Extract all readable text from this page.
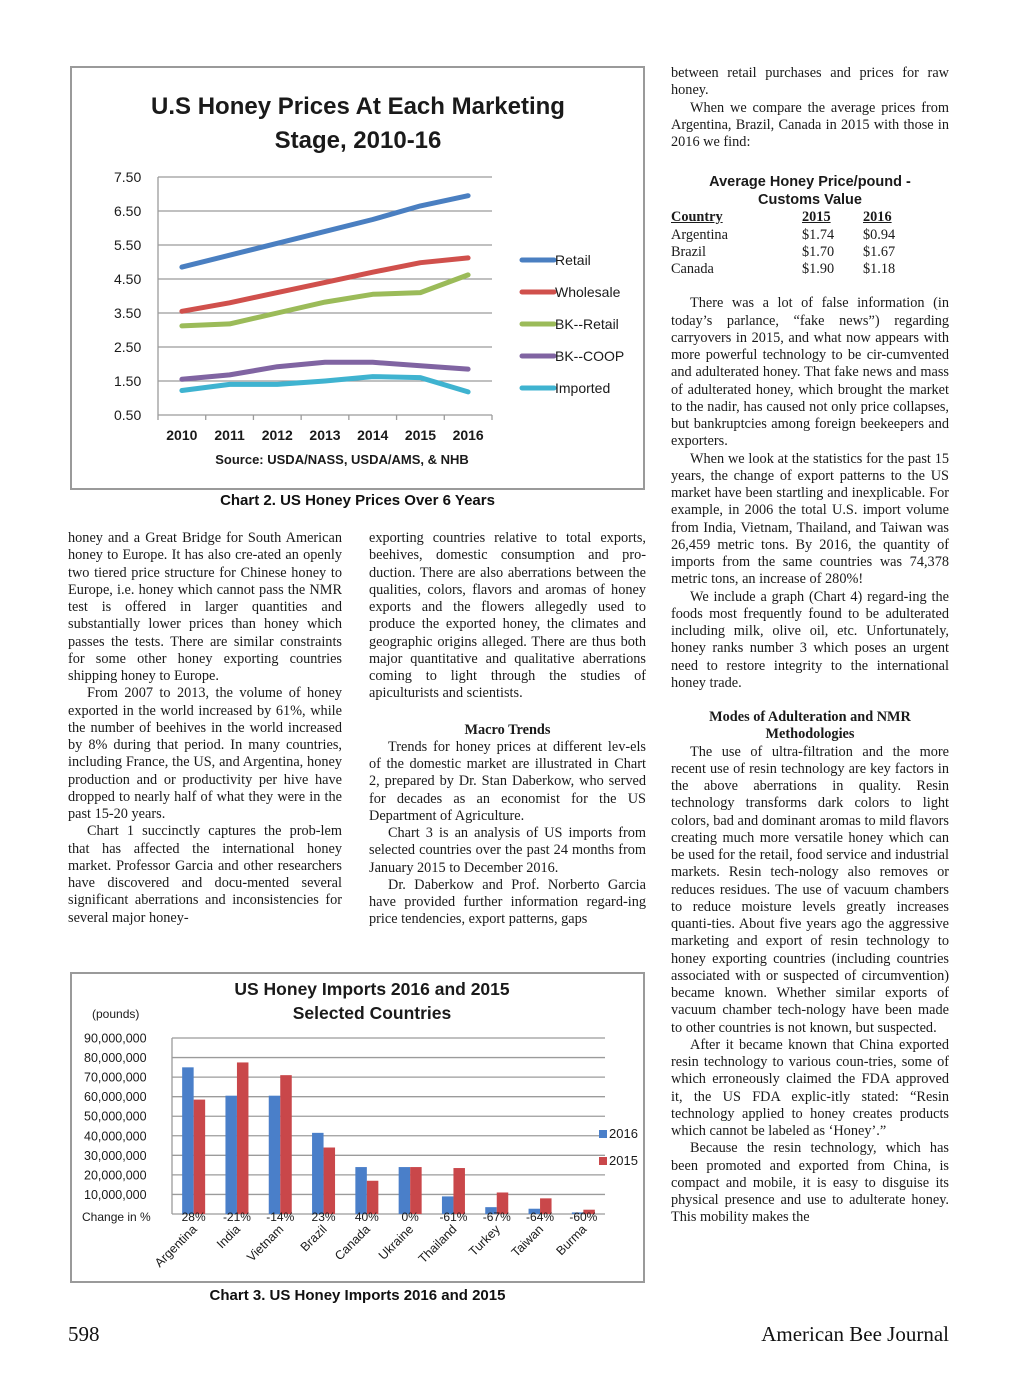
U.S Honey Prices At Each Marketing
Stage, 2010-16
7.50
6.50
5.50
4.50
3.50
2.50
1.50
0.50
2010 2011 2012 2013 2014 2015 2016
Retail
Wholesale
BK--Retail
BK--COOP
Imported
Source: USDA/NASS, USDA/AMS, & NHB
Chart 2. US Honey Prices Over 6 Years

honey and a Great Bridge for South American honey to Europe. It has also cre-ated an openly two tiered price structure for Chinese honey to Europe, i.e. honey which cannot pass the NMR test is offered in larger quantities and substantially lower prices than honey which passes the tests. There are similar constraints for some other honey exporting countries shipping honey to Europe.

From 2007 to 2013, the volume of honey exported in the world increased by 61%, while the number of beehives in the world increased by 8% during that period. In many countries, including France, the US, and Argentina, honey production and or productivity per hive have dropped to nearly half of what they were in the past 15-20 years.

Chart 1 succinctly captures the prob-lem that has affected the international honey market. Professor Garcia and other researchers have discovered and docu-mented several significant aberrations and inconsistencies for several major honey-

exporting countries relative to total exports, beehives, domestic consumption and pro-duction. There are also aberrations between the qualities, colors, flavors and aromas of honey exports and the flowers allegedly used to produce the exported honey, the climates and geographic origins alleged. There are thus both major quantitative and qualitative aberrations coming to light through the studies of apiculturists and scientists.

Macro Trends

Trends for honey prices at different lev-els of the domestic market are illustrated in Chart 2, prepared by Dr. Stan Daberkow, who served for decades as an economist for the US Department of Agriculture.

Chart 3 is an analysis of US imports from selected countries over the past 24 months from January 2015 to December 2016.

Dr. Daberkow and Prof. Norberto Garcia have provided further information regard-ing price tendencies, export patterns, gaps

US Honey Imports 2016 and 2015
Selected Countries
(pounds)
90,000,000
80,000,000
70,000,000
60,000,000
50,000,000
40,000,000
30,000,000
20,000,000
10,000,000
Change in %	28% -21% -14% 23% 40% 0% -61% -67% -64% -60%
Argentina India Vietnam Brazil Canada Ukraine Thailand Turkey Taiwan Burma
2016
2015
Chart 3. US Honey Imports 2016 and 2015

between retail purchases and prices for raw honey.

When we compare the average prices from Argentina, Brazil, Canada in 2015 with those in 2016 we find:

Average Honey Price/pound -
Customs Value
Country	2015	2016
Argentina	$1.74	$0.94
Brazil	$1.70	$1.67
Canada	$1.90	$1.18

There was a lot of false information (in today’s parlance, “fake news”) regarding carryovers in 2015, and what now appears with more powerful technology to be cir-cumvented and adulterated honey. That fake news and mass of adulterated honey, which brought the market to the nadir, has caused not only price collapses, but bankruptcies among foreign beekeepers and exporters.

When we look at the statistics for the past 15 years, the change of export patterns to the US market have been startling and inexplicable. For example, in 2006 the total U.S. import volume from India, Vietnam, Thailand, and Taiwan was 26,459 metric tons. By 2016, the quantity of imports from the same countries was 74,378 metric tons, an increase of 280%!

We include a graph (Chart 4) regard-ing the foods most frequently found to be adulterated including milk, olive oil, etc. Unfortunately, honey ranks number 3 which poses an urgent need to restore integrity to the international honey trade.

Modes of Adulteration and NMR

Methodologies

The use of ultra-filtration and the more recent use of resin technology are key factors in the above aberrations in quality. Resin technology transforms dark colors to light colors, bad and dominant aromas to mild flavors creating much more versatile honey which can be used for the retail, food service and industrial markets. Resin tech-nology also removes or reduces residues. The use of vacuum chambers to reduce moisture levels greatly increases quanti-ties. About five years ago the aggressive marketing and export of resin technology to honey exporting countries (including countries associated with or suspected of circumvention) became known. Whether similar exports of vacuum chamber tech-nology have been made to other countries is not known, but suspected.

After it became known that China exported resin technology to various coun-tries, some of which erroneously claimed the FDA approved it, the US FDA explic-itly stated: “Resin technology applied to honey creates products which cannot be labeled as ‘Honey’.”

Because the resin technology, which has been promoted and exported from China, is compact and mobile, it is easy to disguise its physical presence and use to adulterate honey. This mobility makes the

598	American Bee Journal
